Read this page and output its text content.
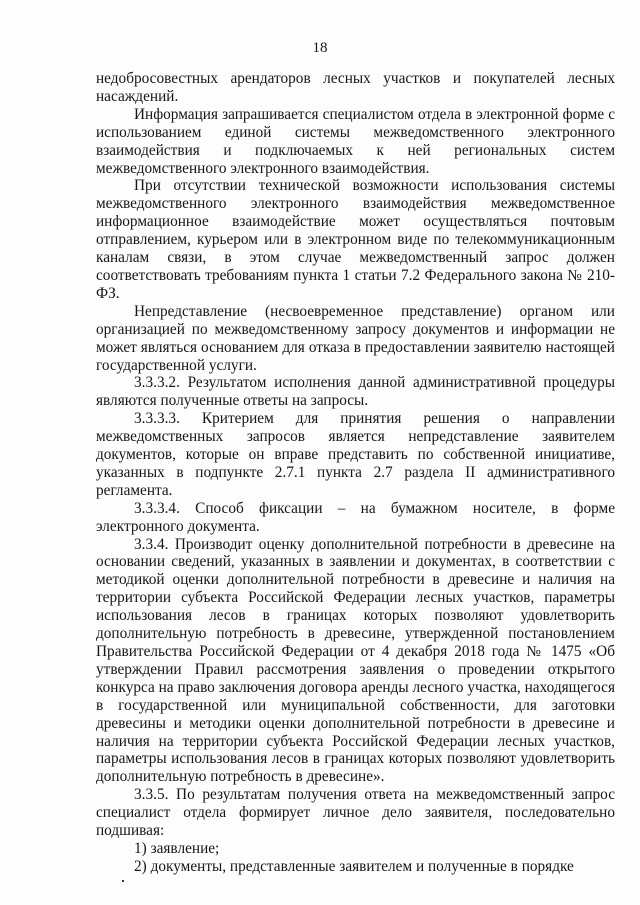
18

недобросовестных арендаторов лесных участков и покупателей лесных насаждений.

Информация запрашивается специалистом отдела в электронной форме с использованием единой системы межведомственного электронного взаимодействия и подключаемых к ней региональных систем межведомственного электронного взаимодействия.

При отсутствии технической возможности использования системы межведомственного электронного взаимодействия межведомственное информационное взаимодействие может осуществляться почтовым отправлением, курьером или в электронном виде по телекоммуникационным каналам связи, в этом случае межведомственный запрос должен соответствовать требованиям пункта 1 статьи 7.2 Федерального закона № 210-ФЗ.

Непредставление (несвоевременное представление) органом или организацией по межведомственному запросу документов и информации не может являться основанием для отказа в предоставлении заявителю настоящей государственной услуги.

3.3.3.2. Результатом исполнения данной административной процедуры являются полученные ответы на запросы.

3.3.3.3. Критерием для принятия решения о направлении межведомственных запросов является непредставление заявителем документов, которые он вправе представить по собственной инициативе, указанных в подпункте 2.7.1 пункта 2.7 раздела II административного регламента.

3.3.3.4. Способ фиксации – на бумажном носителе, в форме электронного документа.

3.3.4. Производит оценку дополнительной потребности в древесине на основании сведений, указанных в заявлении и документах, в соответствии с методикой оценки дополнительной потребности в древесине и наличия на территории субъекта Российской Федерации лесных участков, параметры использования лесов в границах которых позволяют удовлетворить дополнительную потребность в древесине, утвержденной постановлением Правительства Российской Федерации от 4 декабря 2018 года № 1475 «Об утверждении Правил рассмотрения заявления о проведении открытого конкурса на право заключения договора аренды лесного участка, находящегося в государственной или муниципальной собственности, для заготовки древесины и методики оценки дополнительной потребности в древесине и наличия на территории субъекта Российской Федерации лесных участков, параметры использования лесов в границах которых позволяют удовлетворить дополнительную потребность в древесине».

3.3.5. По результатам получения ответа на межведомственный запрос специалист отдела формирует личное дело заявителя, последовательно подшивая:

1) заявление;

2) документы, представленные заявителем и полученные в порядке
